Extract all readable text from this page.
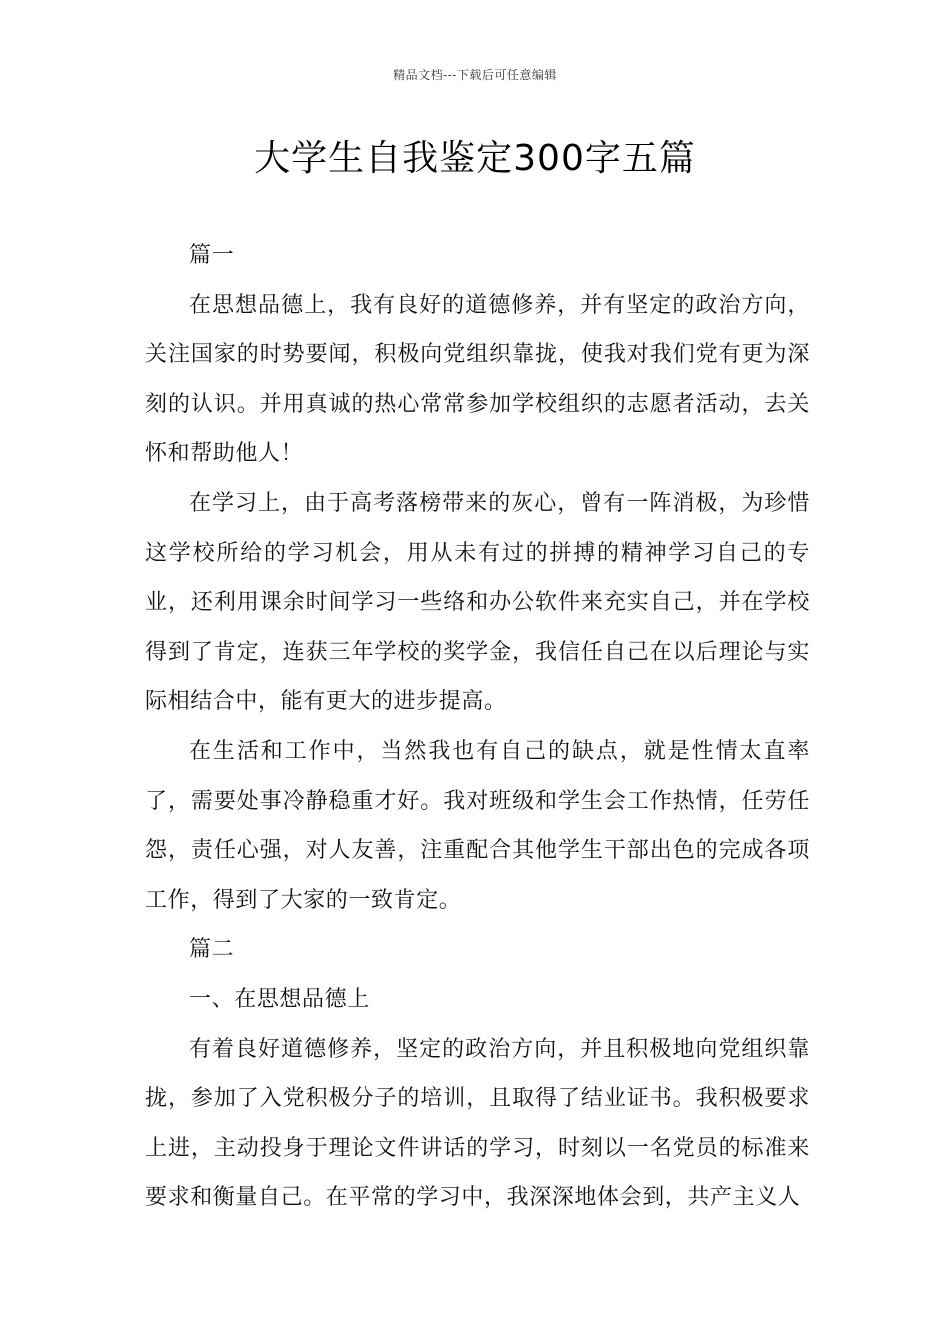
精品文档---下载后可任意编辑
大学生自我鉴定300字五篇

篇一

在思想品德上，我有良好的道德修养，并有坚定的政治方向，关注国家的时势要闻，积极向党组织靠拢，使我对我们党有更为深刻的认识。并用真诚的热心常常参加学校组织的志愿者活动，去关怀和帮助他人！

在学习上，由于高考落榜带来的灰心，曾有一阵消极，为珍惜这学校所给的学习机会，用从未有过的拼搏的精神学习自己的专业，还利用课余时间学习一些络和办公软件来充实自己，并在学校得到了肯定，连获三年学校的奖学金，我信任自己在以后理论与实际相结合中，能有更大的进步提高。

在生活和工作中，当然我也有自己的缺点，就是性情太直率了，需要处事冷静稳重才好。我对班级和学生会工作热情，任劳任怨，责任心强，对人友善，注重配合其他学生干部出色的完成各项工作，得到了大家的一致肯定。

篇二

一、在思想品德上

有着良好道德修养，坚定的政治方向，并且积极地向党组织靠拢，参加了入党积极分子的培训，且取得了结业证书。我积极要求上进，主动投身于理论文件讲话的学习，时刻以一名党员的标准来要求和衡量自己。在平常的学习中，我深深地体会到，共产主义人
